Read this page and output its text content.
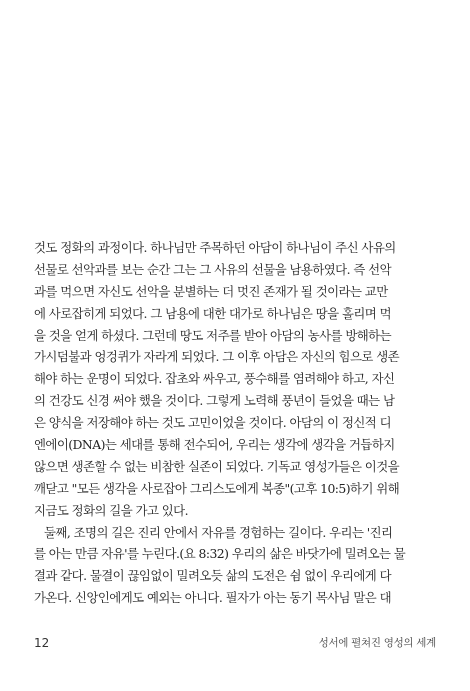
것도 정화의 과정이다. 하나님만 주목하던 아담이 하나님이 주신 사유의
선물로 선악과를 보는 순간 그는 그 사유의 선물을 남용하였다. 즉 선악
과를 먹으면 자신도 선악을 분별하는 더 멋진 존재가 될 것이라는 교만
에 사로잡히게 되었다. 그 남용에 대한 대가로 하나님은 땅을 홀리며 먹
을 것을 얻게 하셨다. 그런데 땅도 저주를 받아 아담의 농사를 방해하는
가시덤불과 엉겅퀴가 자라게 되었다. 그 이후 아담은 자신의 힘으로 생존
해야 하는 운명이 되었다. 잡초와 싸우고, 풍수해를 염려해야 하고, 자신
의 건강도 신경 써야 했을 것이다. 그렇게 노력해 풍년이 들었을 때는 남
은 양식을 저장해야 하는 것도 고민이었을 것이다. 아담의 이 정신적 디
엔에이(DNA)는 세대를 통해 전수되어, 우리는 생각에 생각을 거듭하지
않으면 생존할 수 없는 비참한 실존이 되었다. 기독교 영성가들은 이것을
깨닫고 "모든 생각을 사로잡아 그리스도에게 복종"(고후 10:5)하기 위해
지금도 정화의 길을 가고 있다.
둘째, 조명의 길은 진리 안에서 자유를 경험하는 길이다. 우리는 '진리
를 아는 만큼 자유'를 누린다.(요 8:32) 우리의 삶은 바닷가에 밀려오는 물
결과 같다. 물결이 끊임없이 밀려오듯 삶의 도전은 쉼 없이 우리에게 다
가온다. 신앙인에게도 예외는 아니다. 필자가 아는 동기 목사님 말은 대
12	성서에 펼쳐진 영성의 세계
